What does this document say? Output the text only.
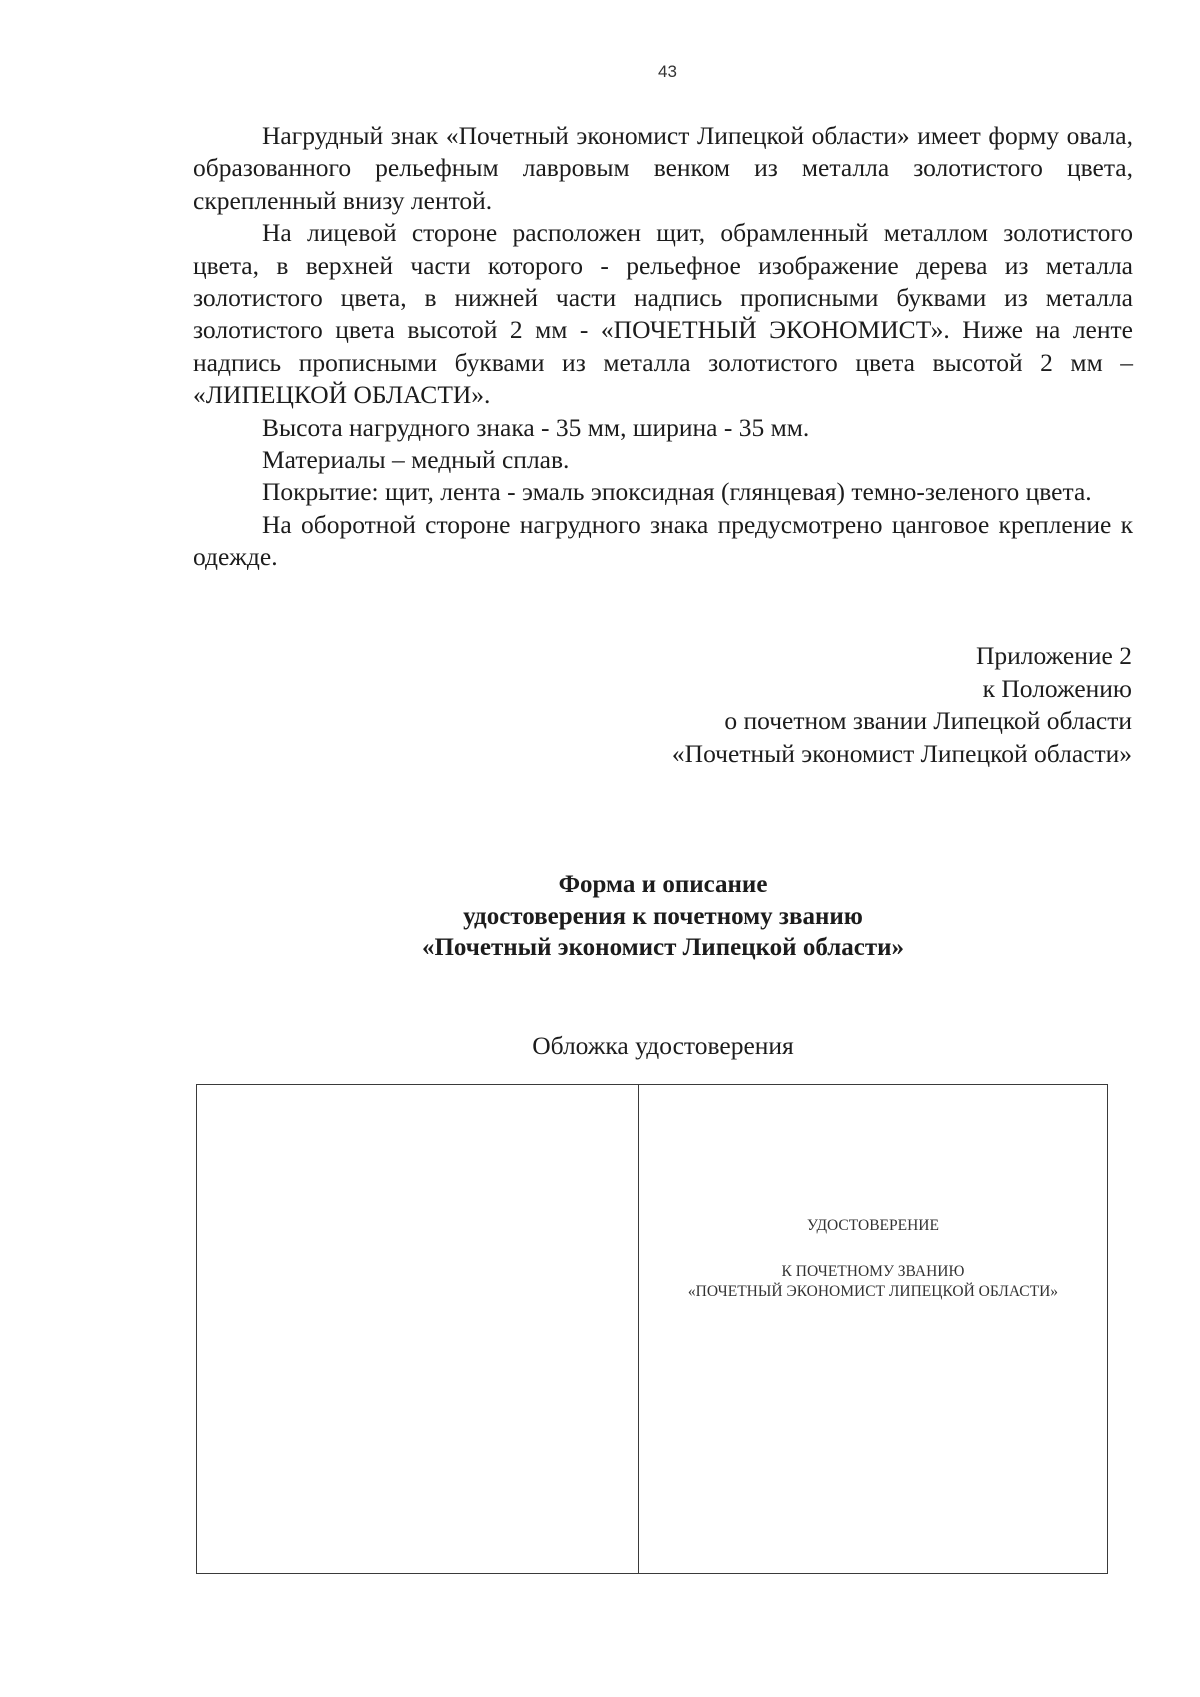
43

Нагрудный знак «Почетный экономист Липецкой области» имеет форму овала, образованного рельефным лавровым венком из металла золотистого цвета, скрепленный внизу лентой.

На лицевой стороне расположен щит, обрамленный металлом золотистого цвета, в верхней части которого - рельефное изображение дерева из металла золотистого цвета, в нижней части надпись прописными буквами из металла золотистого цвета высотой 2 мм - «ПОЧЕТНЫЙ ЭКОНОМИСТ». Ниже на ленте надпись прописными буквами из металла золотистого цвета высотой 2 мм – «ЛИПЕЦКОЙ ОБЛАСТИ».

Высота нагрудного знака - 35 мм, ширина - 35 мм.

Материалы – медный сплав.

Покрытие: щит, лента - эмаль эпоксидная (глянцевая) темно-зеленого цвета.

На оборотной стороне нагрудного знака предусмотрено цанговое крепление к одежде.

Приложение 2
к Положению
о почетном звании Липецкой области
«Почетный экономист Липецкой области»
Форма и описание
удостоверения к почетному званию
«Почетный экономист Липецкой области»
Обложка удостоверения
УДОСТОВЕРЕНИЕ
К ПОЧЕТНОМУ ЗВАНИЮ
«ПОЧЕТНЫЙ ЭКОНОМИСТ ЛИПЕЦКОЙ ОБЛАСТИ»
